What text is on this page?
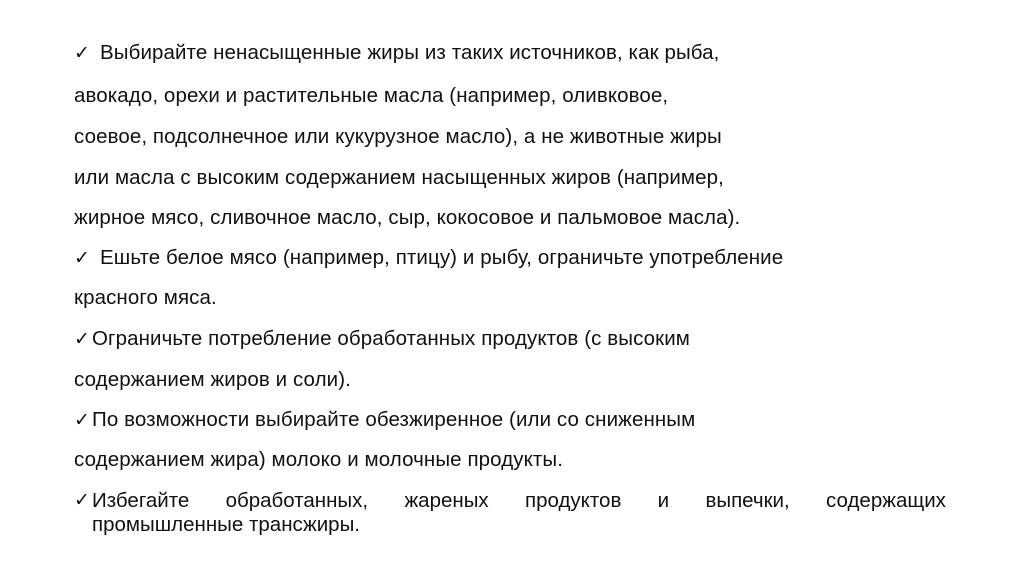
✓ Выбирайте ненасыщенные жиры из таких источников, как рыба,
авокадо, орехи и растительные масла (например, оливковое,
соевое, подсолнечное или кукурузное масло), а не животные жиры
или масла с высоким содержанием насыщенных жиров (например,
жирное мясо, сливочное масло, сыр, кокосовое и пальмовое масла).
✓ Ешьте белое мясо (например, птицу) и рыбу, ограничьте употребление
красного мяса.
✓Ограничьте потребление обработанных продуктов (с высоким
содержанием жиров и соли).
✓По возможности выбирайте обезжиренное (или со сниженным
содержанием жира) молоко и молочные продукты.
✓ Избегайте обработанных, жареных продуктов и выпечки, содержащих
промышленные трансжиры.
